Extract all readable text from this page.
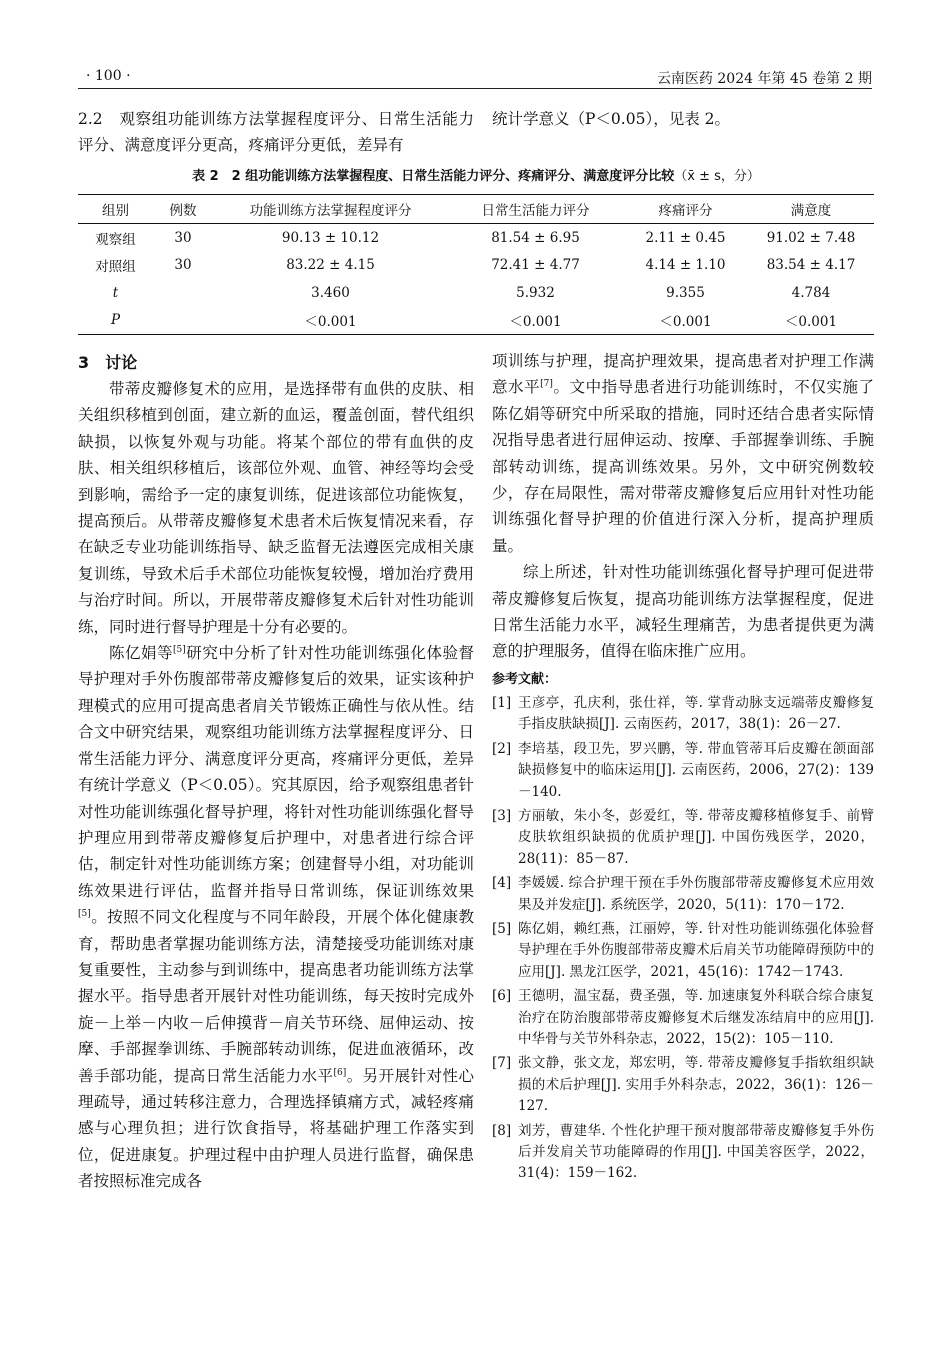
· 100 ·	云南医药 2024 年第 45 卷第 2 期

2.2　观察组功能训练方法掌握程度评分、日常生活能力评分、满意度评分更高，疼痛评分更低，差异有

统计学意义（P＜0.05），见表 2。

表 2　2 组功能训练方法掌握程度、日常生活能力评分、疼痛评分、满意度评分比较（x̄ ± s，分）
组别	例数	功能训练方法掌握程度评分	日常生活能力评分	疼痛评分	满意度
观察组	30	90.13 ± 10.12	81.54 ± 6.95	2.11 ± 0.45	91.02 ± 7.48
对照组	30	83.22 ± 4.15	72.41 ± 4.77	4.14 ± 1.10	83.54 ± 4.17
t		3.460	5.932	9.355	4.784
P		＜0.001	＜0.001	＜0.001	＜0.001
3　讨论

带蒂皮瓣修复术的应用，是选择带有血供的皮肤、相关组织移植到创面，建立新的血运，覆盖创面，替代组织缺损，以恢复外观与功能。将某个部位的带有血供的皮肤、相关组织移植后，该部位外观、血管、神经等均会受到影响，需给予一定的康复训练，促进该部位功能恢复，提高预后。从带蒂皮瓣修复术患者术后恢复情况来看，存在缺乏专业功能训练指导、缺乏监督无法遵医完成相关康复训练，导致术后手术部位功能恢复较慢，增加治疗费用与治疗时间。所以，开展带蒂皮瓣修复术后针对性功能训练，同时进行督导护理是十分有必要的。

陈亿娟等[5]研究中分析了针对性功能训练强化体验督导护理对手外伤腹部带蒂皮瓣修复后的效果，证实该种护理模式的应用可提高患者肩关节锻炼正确性与依从性。结合文中研究结果，观察组功能训练方法掌握程度评分、日常生活能力评分、满意度评分更高，疼痛评分更低，差异有统计学意义（P＜0.05）。究其原因，给予观察组患者针对性功能训练强化督导护理，将针对性功能训练强化督导护理应用到带蒂皮瓣修复后护理中，对患者进行综合评估，制定针对性功能训练方案；创建督导小组，对功能训练效果进行评估，监督并指导日常训练，保证训练效果[5]。按照不同文化程度与不同年龄段，开展个体化健康教育，帮助患者掌握功能训练方法，清楚接受功能训练对康复重要性，主动参与到训练中，提高患者功能训练方法掌握水平。指导患者开展针对性功能训练，每天按时完成外旋－上举－内收－后伸摸背－肩关节环绕、屈伸运动、按摩、手部握拳训练、手腕部转动训练，促进血液循环，改善手部功能，提高日常生活能力水平[6]。另开展针对性心理疏导，通过转移注意力，合理选择镇痛方式，减轻疼痛感与心理负担；进行饮食指导，将基础护理工作落实到位，促进康复。护理过程中由护理人员进行监督，确保患者按照标准完成各

项训练与护理，提高护理效果，提高患者对护理工作满意水平[7]。文中指导患者进行功能训练时，不仅实施了陈亿娟等研究中所采取的措施，同时还结合患者实际情况指导患者进行屈伸运动、按摩、手部握拳训练、手腕部转动训练，提高训练效果。另外，文中研究例数较少，存在局限性，需对带蒂皮瓣修复后应用针对性功能训练强化督导护理的价值进行深入分析，提高护理质量。

综上所述，针对性功能训练强化督导护理可促进带蒂皮瓣修复后恢复，提高功能训练方法掌握程度，促进日常生活能力水平，减轻生理痛苦，为患者提供更为满意的护理服务，值得在临床推广应用。

参考文献：
[1] 王彦亭，孔庆利，张仕祥，等. 掌背动脉支远端蒂皮瓣修复手指皮肤缺损[J]. 云南医药，2017，38(1)：26－27.
[2] 李培基，段卫先，罗兴鹏，等. 带血管蒂耳后皮瓣在颌面部缺损修复中的临床运用[J]. 云南医药，2006，27(2)：139－140.
[3] 方丽敏，朱小冬，彭爱红，等. 带蒂皮瓣移植修复手、前臂皮肤软组织缺损的优质护理[J]. 中国伤残医学，2020，28(11)：85－87.
[4] 李媛媛. 综合护理干预在手外伤腹部带蒂皮瓣修复术应用效果及并发症[J]. 系统医学，2020，5(11)：170－172.
[5] 陈亿娟，赖红燕，江丽婷，等. 针对性功能训练强化体验督导护理在手外伤腹部带蒂皮瓣术后肩关节功能障碍预防中的应用[J]. 黑龙江医学，2021，45(16)：1742－1743.
[6] 王德明，温宝磊，费圣强，等. 加速康复外科联合综合康复治疗在防治腹部带蒂皮瓣修复术后继发冻结肩中的应用[J]. 中华骨与关节外科杂志，2022，15(2)：105－110.
[7] 张文静，张文龙，郑宏明，等. 带蒂皮瓣修复手指软组织缺损的术后护理[J]. 实用手外科杂志，2022，36(1)：126－127.
[8] 刘芳，曹建华. 个性化护理干预对腹部带蒂皮瓣修复手外伤后并发肩关节功能障碍的作用[J]. 中国美容医学，2022，31(4)：159－162.
